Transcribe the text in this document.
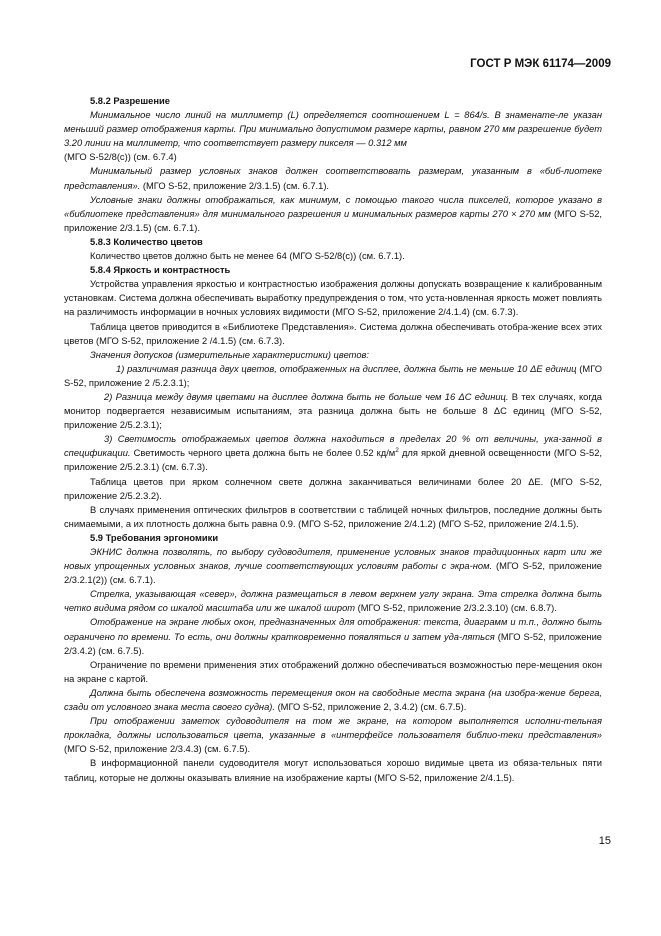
ГОСТ Р МЭК 61174—2009
5.8.2 Разрешение

Минимальное число линий на миллиметр (L) определяется соотношением L = 864/s. В знаменате-ле указан меньший размер отображения карты. При минимально допустимом размере карты, равном 270 мм разрешение будет 3.20 линии на миллиметр, что соответствует размеру пикселя — 0.312 мм

(МГО S-52/8(с)) (см. 6.7.4)

Минимальный размер условных знаков должен соответствовать размерам, указанным в «биб-лиотеке представления». (МГО S-52, приложение 2/3.1.5) (см. 6.7.1).

Условные знаки должны отображаться, как минимум, с помощью такого числа пикселей, которое указано в «библиотеке представления» для минимального разрешения и минимальных размеров карты 270 × 270 мм (МГО S-52, приложение 2/3.1.5) (см. 6.7.1).

5.8.3 Количество цветов

Количество цветов должно быть не менее 64 (МГО S-52/8(c)) (см. 6.7.1).

5.8.4 Яркость и контрастность

Устройства управления яркостью и контрастностью изображения должны допускать возвращение к калиброванным установкам. Система должна обеспечивать выработку предупреждения о том, что уста-новленная яркость может повлиять на различимость информации в ночных условиях видимости (МГО S-52, приложение 2/4.1.4) (см. 6.7.3).

Таблица цветов приводится в «Библиотеке Представления». Система должна обеспечивать отобра-жение всех этих цветов (МГО S-52, приложение 2 /4.1.5) (см. 6.7.3).

Значения допусков (измерительные характеристики) цветов:

1) различимая разница двух цветов, отображенных на дисплее, должна быть не меньше 10 ΔE единиц (МГО S-52, приложение 2 /5.2.3.1);

2) Разница между двумя цветами на дисплее должна быть не больше чем 16 ΔC единиц. В тех случаях, когда монитор подвергается независимым испытаниям, эта разница должна быть не больше 8 ΔC единиц (МГО S-52, приложение 2/5.2.3.1);

3) Светимость отображаемых цветов должна находиться в пределах 20 % от величины, ука-занной в спецификации. Светимость черного цвета должна быть не более 0.52 $кд/м^2$ для яркой дневной освещенности (МГО S-52, приложение 2/5.2.3.1) (см. 6.7.3).

Таблица цветов при ярком солнечном свете должна заканчиваться величинами более 20 ΔE. (МГО S-52, приложение 2/5.2.3.2).

В случаях применения оптических фильтров в соответствии с таблицей ночных фильтров, последние должны быть снимаемыми, а их плотность должна быть равна 0.9. (МГО S-52, приложение 2/4.1.2) (МГО S-52, приложение 2/4.1.5).

5.9 Требования эргономики

ЭКНИС должна позволять, по выбору судоводителя, применение условных знаков традиционных карт или же новых упрощенных условных знаков, лучше соответствующих условиям работы с экра-ном. (МГО S-52, приложение 2/3.2.1(2)) (см. 6.7.1).

Стрелка, указывающая «север», должна размещаться в левом верхнем углу экрана. Эта стрелка должна быть четко видима рядом со шкалой масштаба или же шкалой широт (МГО S-52, приложение 2/3.2.3.10) (см. 6.8.7).

Отображение на экране любых окон, предназначенных для отображения: текста, диаграмм и т.п., должно быть ограничено по времени. То есть, они должны кратковременно появляться и затем уда-ляться (МГО S-52, приложение 2/3.4.2) (см. 6.7.5).

Ограничение по времени применения этих отображений должно обеспечиваться возможностью пере-мещения окон на экране с картой.

Должна быть обеспечена возможность перемещения окон на свободные места экрана (на изобра-жение берега, сзади от условного знака места своего судна). (МГО S-52, приложение 2, 3.4.2) (см. 6.7.5).

При отображении заметок судоводителя на том же экране, на котором выполняется исполни-тельная прокладка, должны использоваться цвета, указанные в «интерфейсе пользователя библио-теки представления» (МГО S-52, приложение 2/3.4.3) (см. 6.7.5).

В информационной панели судоводителя могут использоваться хорошо видимые цвета из обяза-тельных пяти таблиц, которые не должны оказывать влияние на изображение карты (МГО S-52, приложение 2/4.1.5).

15
